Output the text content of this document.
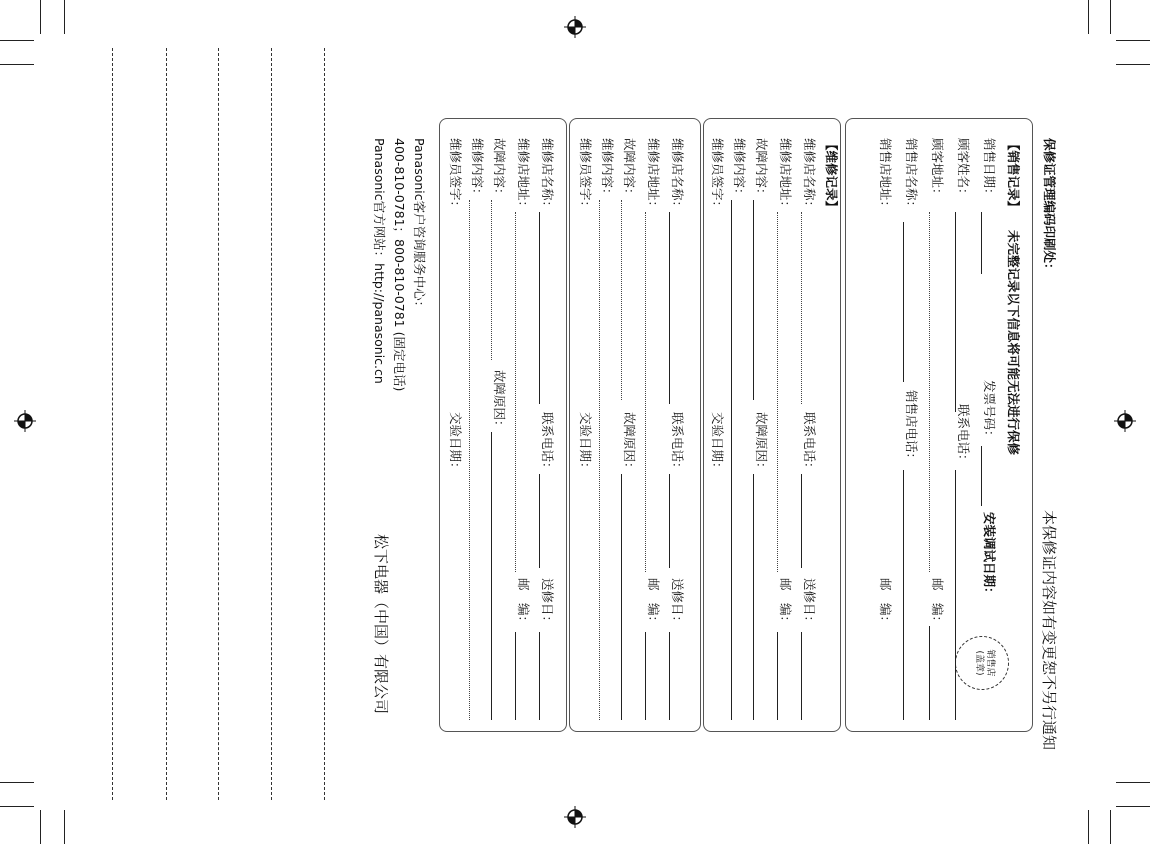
保修证管理编码印刷处：
本保修证内容如有变更恕不另行通知
【销售记录】
未完整记录以下信息将可能无法进行保修
销售日期：
发票号码：
安装调试日期：
销售店
(盖章)
顾客姓名：
联系电话：
顾客地址：
邮　编：
销售店名称：
销售店电话：
销售店地址：
邮　编：
【维修记录】
维修店名称：
联系电话：
送修日：
维修店地址：
邮　编：
故障内容：
故障原因：
维修内容：
维修员签字：
交验日期：
维修店名称：
联系电话：
送修日：
维修店地址：
邮　编：
故障内容：
故障原因：
维修内容：
维修员签字：
交验日期：
维修店名称：
联系电话：
送修日：
维修店地址：
邮　编：
故障内容：
故障原因：
维修内容：
维修员签字：
交验日期：
Panasonic客户咨询服务中心：
400-810-0781；800-810-0781 (固定电话)
Panasonic官方网站：http://panasonic.cn
松下电器（中国）有限公司
